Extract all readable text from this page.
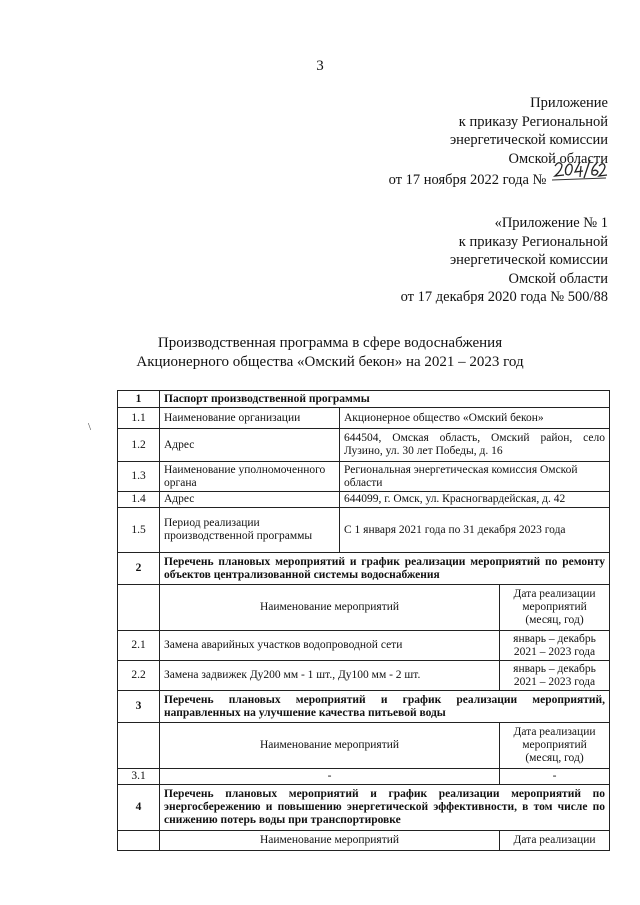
3
Приложение
к приказу Региональной
энергетической комиссии
Омской области
от 17 ноября 2022 года №
«Приложение № 1
к приказу Региональной
энергетической комиссии
Омской области
от 17 декабря 2020 года № 500/88
Производственная программа в сфере водоснабжения
Акционерного общества «Омский бекон» на 2021 – 2023 год
\
1	Паспорт производственной программы		
1.1	Наименование организации	Акционерное общество «Омский бекон»	
1.2	Адрес	644504, Омская область, Омский район, село Лузино, ул. 30 лет Победы, д. 16	
1.3	Наименование уполномоченного органа	Региональная энергетическая комиссия Омской области	
1.4	Адрес	644099, г. Омск, ул. Красногвардейская, д. 42	
1.5	Период реализации производственной программы	С 1 января 2021 года по 31 декабря 2023 года	
2	Перечень плановых мероприятий и график реализации мероприятий по ремонту объектов централизованной системы водоснабжения		
	Наименование мероприятий		Дата реализации мероприятий (месяц, год)
2.1	Замена аварийных участков водопроводной сети		январь – декабрь 2021 – 2023 года
2.2	Замена задвижек Ду200 мм - 1 шт., Ду100 мм - 2 шт.		январь – декабрь 2021 – 2023 года
3	Перечень плановых мероприятий и график реализации мероприятий, направленных на улучшение качества питьевой воды		
	Наименование мероприятий		Дата реализации мероприятий (месяц, год)
3.1	-		-
4	Перечень плановых мероприятий и график реализации мероприятий по энергосбережению и повышению энергетической эффективности, в том числе по снижению потерь воды при транспортировке		
	Наименование мероприятий		Дата реализации
